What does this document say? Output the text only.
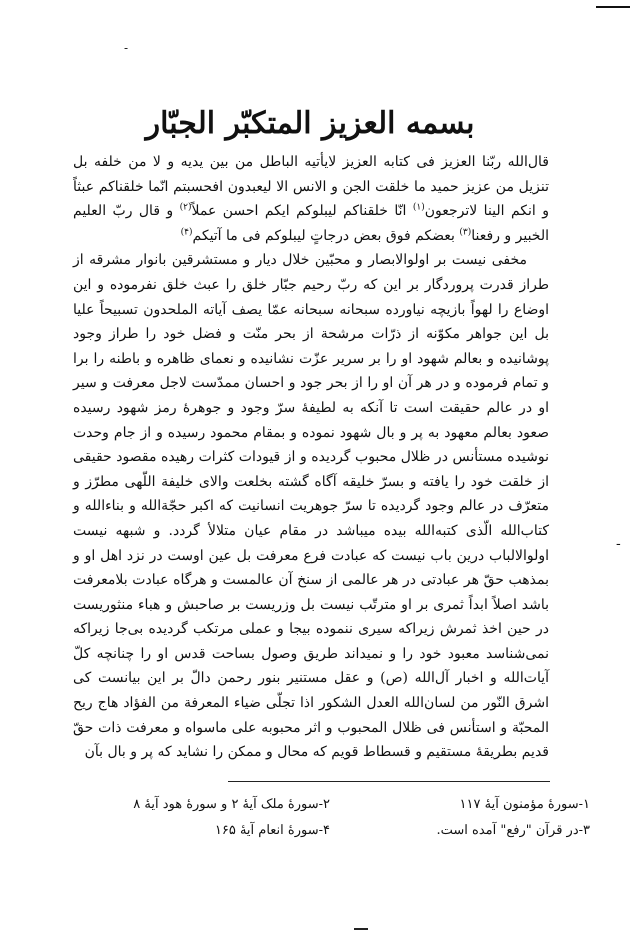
-
بسمه العزیز المتکبّر الجبّار

قال‌الله ربّنا العزیز فی کتابه العزیز لایأتیه الباطل من بین یدیه و لا من خلفه بل تنزیل من عزیز حمید ما خلقت الجن و الانس الا لیعبدون افحسبتم انّما خلقناکم عبثاً و انکم الینا لاترجعون$^{(۱)}$ انّا خلقناکم لیبلوکم ایکم احسن عملاً$^{(۲)}$ و قال ربّ العلیم الخبیر و رفعنا$^{(۳)}$ بعضکم فوق بعض درجاتٍ لیبلوکم فی ما آتیکم$^{(۴)}$

مخفی نیست بر اولوالابصار و محبّین خلال دیار و مستشرقین بانوار مشرقه از طراز قدرت پروردگار بر این که ربّ رحیم جبّار خلق را عبث خلق نفرموده و این اوضاع را لهواً بازیچه نیاورده سبحانه سبحانه عمّا یصف آیاته الملحدون تسبیحاً علیا بل این جواهر مکوّنه از ذرّات مرشحة از بحر منّت و فضل خود را طراز وجود پوشانیده و بعالم شهود او را بر سریر عزّت نشانیده و نعمای ظاهره و باطنه را برا و تمام فرموده و در هر آن او را از بحر جود و احسان ممدّست لاجل معرفت و سیر او در عالم حقیقت است تا آنکه به لطیفهٔ سرّ وجود و جوهرهٔ رمز شهود رسیده صعود بعالم معهود به پر و بال شهود نموده و بمقام محمود رسیده و از جام وحدت نوشیده مستأنس در ظلال محبوب گردیده و از قیودات کثرات رهیده مقصود حقیقی از خلقت خود را یافته و بسرّ خلیقه آگاه گشته بخلعت والای خلیفة اللّهی مطرّز و متعرّف در عالم وجود گردیده تا سرّ جوهریت انسانیت که اکبر حجّةالله و بناءالله و کتاب‌الله الّذی کتبه‌الله بیده میباشد در مقام عیان متلالأ گردد. و شبهه نیست اولوالالباب درین باب نیست که عبادت فرع معرفت بل عین اوست در نزد اهل او و بمذهب حقّ هر عبادتی در هر عالمی از سنخ آن عالمست و هرگاه عبادت بلامعرفت باشد اصلاً ابداً ثمری بر او مترتّب نیست بل وزریست بر صاحبش و هباء منثوریست در حین اخذ ثمرش زیراکه سیری ننموده بیجا و عملی مرتکب گردیده بی‌جا زیراکه نمی‌شناسد معبود خود را و نمیداند طریق وصول بساحت قدس او را چنانچه کلّ آیات‌الله و اخبار آل‌الله (ص) و عقل مستنیر بنور رحمن دالّ بر این بیانست کی اشرق النّور من لسان‌الله العدل الشکور اذا تجلّی ضیاء المعرفة من الفؤاد هاج ریح المحبّة و استأنس فی ظلال المحبوب و اثر محبوبه علی ماسواه و معرفت ذات حقّ قدیم بطریقهٔ مستقیم و قسطاط قویم که محال و ممکن را نشاید که پر و بال بآن

۱-سورهٔ مؤمنون آیهٔ ۱۱۷
۲-سورهٔ ملک آیهٔ ۲ و سورهٔ هود آیهٔ ۸
۳-در قرآن "رفع" آمده است.
۴-سورهٔ انعام آیهٔ ۱۶۵
-
